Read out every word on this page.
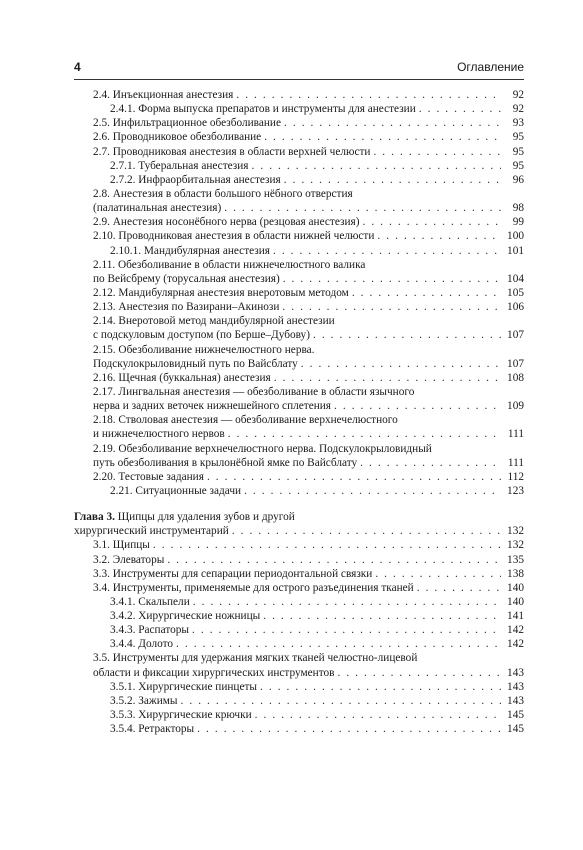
4	Оглавление
2.4. Инъекционная анестезия . . .	92
2.4.1. Форма выпуска препаратов и инструменты для анестезии . . .	92
2.5. Инфильтрационное обезболивание . . .	93
2.6. Проводниковое обезболивание . . .	95
2.7. Проводниковая анестезия в области верхней челюсти . . .	95
2.7.1. Туберальная анестезия . . .	95
2.7.2. Инфраорбитальная анестезия . . .	96
2.8. Анестезия в области большого нёбного отверстия
(палатинальная анестезия) . . .	98
2.9. Анестезия носонёбного нерва (резцовая анестезия) . . .	99
2.10. Проводниковая анестезия в области нижней челюсти . . .	100
2.10.1. Мандибулярная анестезия . . .	101
2.11. Обезболивание в области нижнечелюстного валика
по Вейсбрему (торусальная анестезия) . . .	104
2.12. Мандибулярная анестезия внеротовым методом . . .	105
2.13. Анестезия по Вазирани–Акинози . . .	106
2.14. Внеротовой метод мандибулярной анестезии
с подскуловым доступом (по Берше–Дубову) . . .	107
2.15. Обезболивание нижнечелюстного нерва.
Подскулокрыловидный путь по Вайсблату . . .	107
2.16. Щечная (буккальная) анестезия . . .	108
2.17. Лингвальная анестезия — обезболивание в области язычного
нерва и задних веточек нижнешейного сплетения . . .	109
2.18. Стволовая анестезия — обезболивание верхнечелюстного
и нижнечелюстного нервов . . .	111
2.19. Обезболивание верхнечелюстного нерва. Подскулокрыловидный
путь обезболивания в крылонёбной ямке по Вайсблату . . .	111
2.20. Тестовые задания . . .	112
2.21. Ситуационные задачи . . .	123
Глава 3. Щипцы для удаления зубов и другой
хирургический инструментарий . . .	132
3.1. Щипцы . . .	132
3.2. Элеваторы . . .	135
3.3. Инструменты для сепарации периодонтальной связки . . .	138
3.4. Инструменты, применяемые для острого разъединения тканей . . .	140
3.4.1. Скальпели . . .	140
3.4.2. Хирургические ножницы . . .	141
3.4.3. Распаторы . . .	142
3.4.4. Долото . . .	142
3.5. Инструменты для удержания мягких тканей челюстно-лицевой
области и фиксации хирургических инструментов . . .	143
3.5.1. Хирургические пинцеты . . .	143
3.5.2. Зажимы . . .	143
3.5.3. Хирургические крючки . . .	145
3.5.4. Ретракторы . . .	145
